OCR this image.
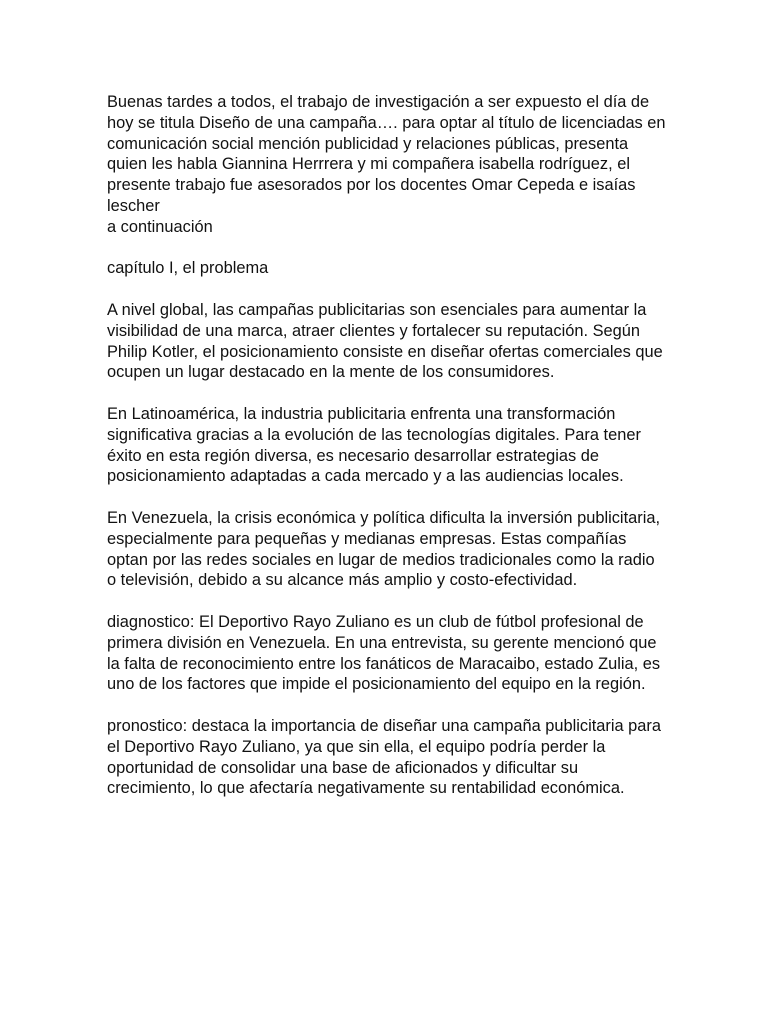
Buenas tardes a todos, el trabajo de investigación a ser expuesto el día de hoy se titula Diseño de una campaña…. para optar al título de licenciadas en comunicación social mención publicidad y relaciones públicas, presenta quien les habla Giannina Herrrera y mi compañera isabella rodríguez, el presente trabajo fue asesorados por los docentes Omar Cepeda e isaías lescher

a continuación

capítulo I, el problema

A nivel global, las campañas publicitarias son esenciales para aumentar la visibilidad de una marca, atraer clientes y fortalecer su reputación. Según Philip Kotler, el posicionamiento consiste en diseñar ofertas comerciales que ocupen un lugar destacado en la mente de los consumidores.

En Latinoamérica, la industria publicitaria enfrenta una transformación significativa gracias a la evolución de las tecnologías digitales. Para tener éxito en esta región diversa, es necesario desarrollar estrategias de posicionamiento adaptadas a cada mercado y a las audiencias locales.

En Venezuela, la crisis económica y política dificulta la inversión publicitaria, especialmente para pequeñas y medianas empresas. Estas compañías optan por las redes sociales en lugar de medios tradicionales como la radio o televisión, debido a su alcance más amplio y costo-efectividad.

diagnostico: El Deportivo Rayo Zuliano es un club de fútbol profesional de primera división en Venezuela. En una entrevista, su gerente mencionó que la falta de reconocimiento entre los fanáticos de Maracaibo, estado Zulia, es uno de los factores que impide el posicionamiento del equipo en la región.

pronostico: destaca la importancia de diseñar una campaña publicitaria para el Deportivo Rayo Zuliano, ya que sin ella, el equipo podría perder la oportunidad de consolidar una base de aficionados y dificultar su crecimiento, lo que afectaría negativamente su rentabilidad económica.
